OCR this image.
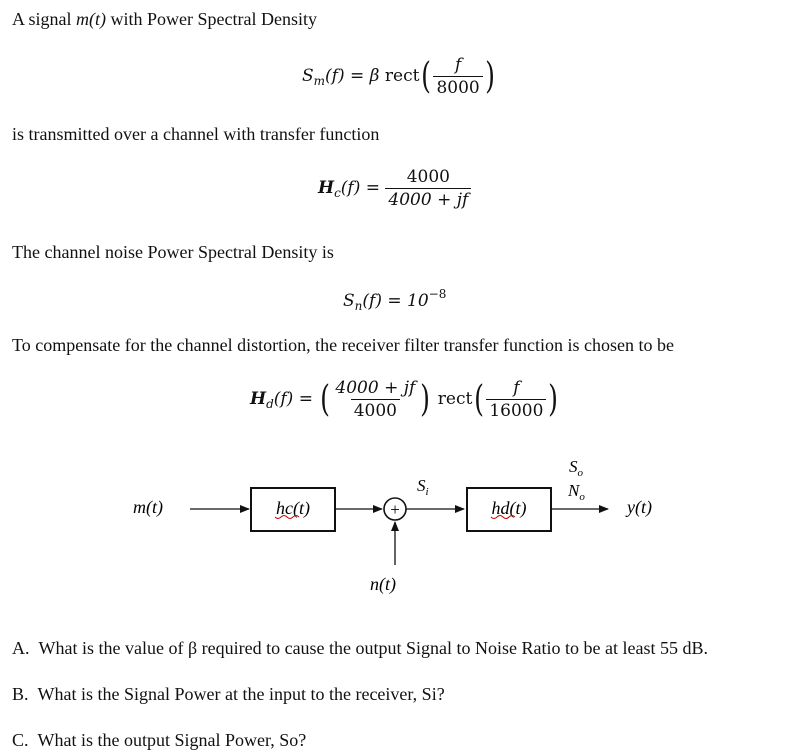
A signal m(t) with Power Spectral Density
$S_m(f) = \beta$ rect( $\frac{f}{8000}$ )
is transmitted over a channel with transfer function
$H_c(f) = \frac{4000}{4000 + jf}$
The channel noise Power Spectral Density is
$S_n(f) = 10^{-8}$
To compensate for the channel distortion, the receiver filter transfer function is chosen to be
$H_d(f)$ = ( $\frac{4000 + jf}{4000}$ ) rect( $\frac{f}{16000}$ )
m(t)	hc(t)	+
n(t)
$S_i$
hd(t)
$S_o$
$N_o$ y(t)
A. What is the value of β required to cause the output Signal to Noise Ratio to be at least 55 dB.
B. What is the Signal Power at the input to the receiver, Si?
C. What is the output Signal Power, So?
